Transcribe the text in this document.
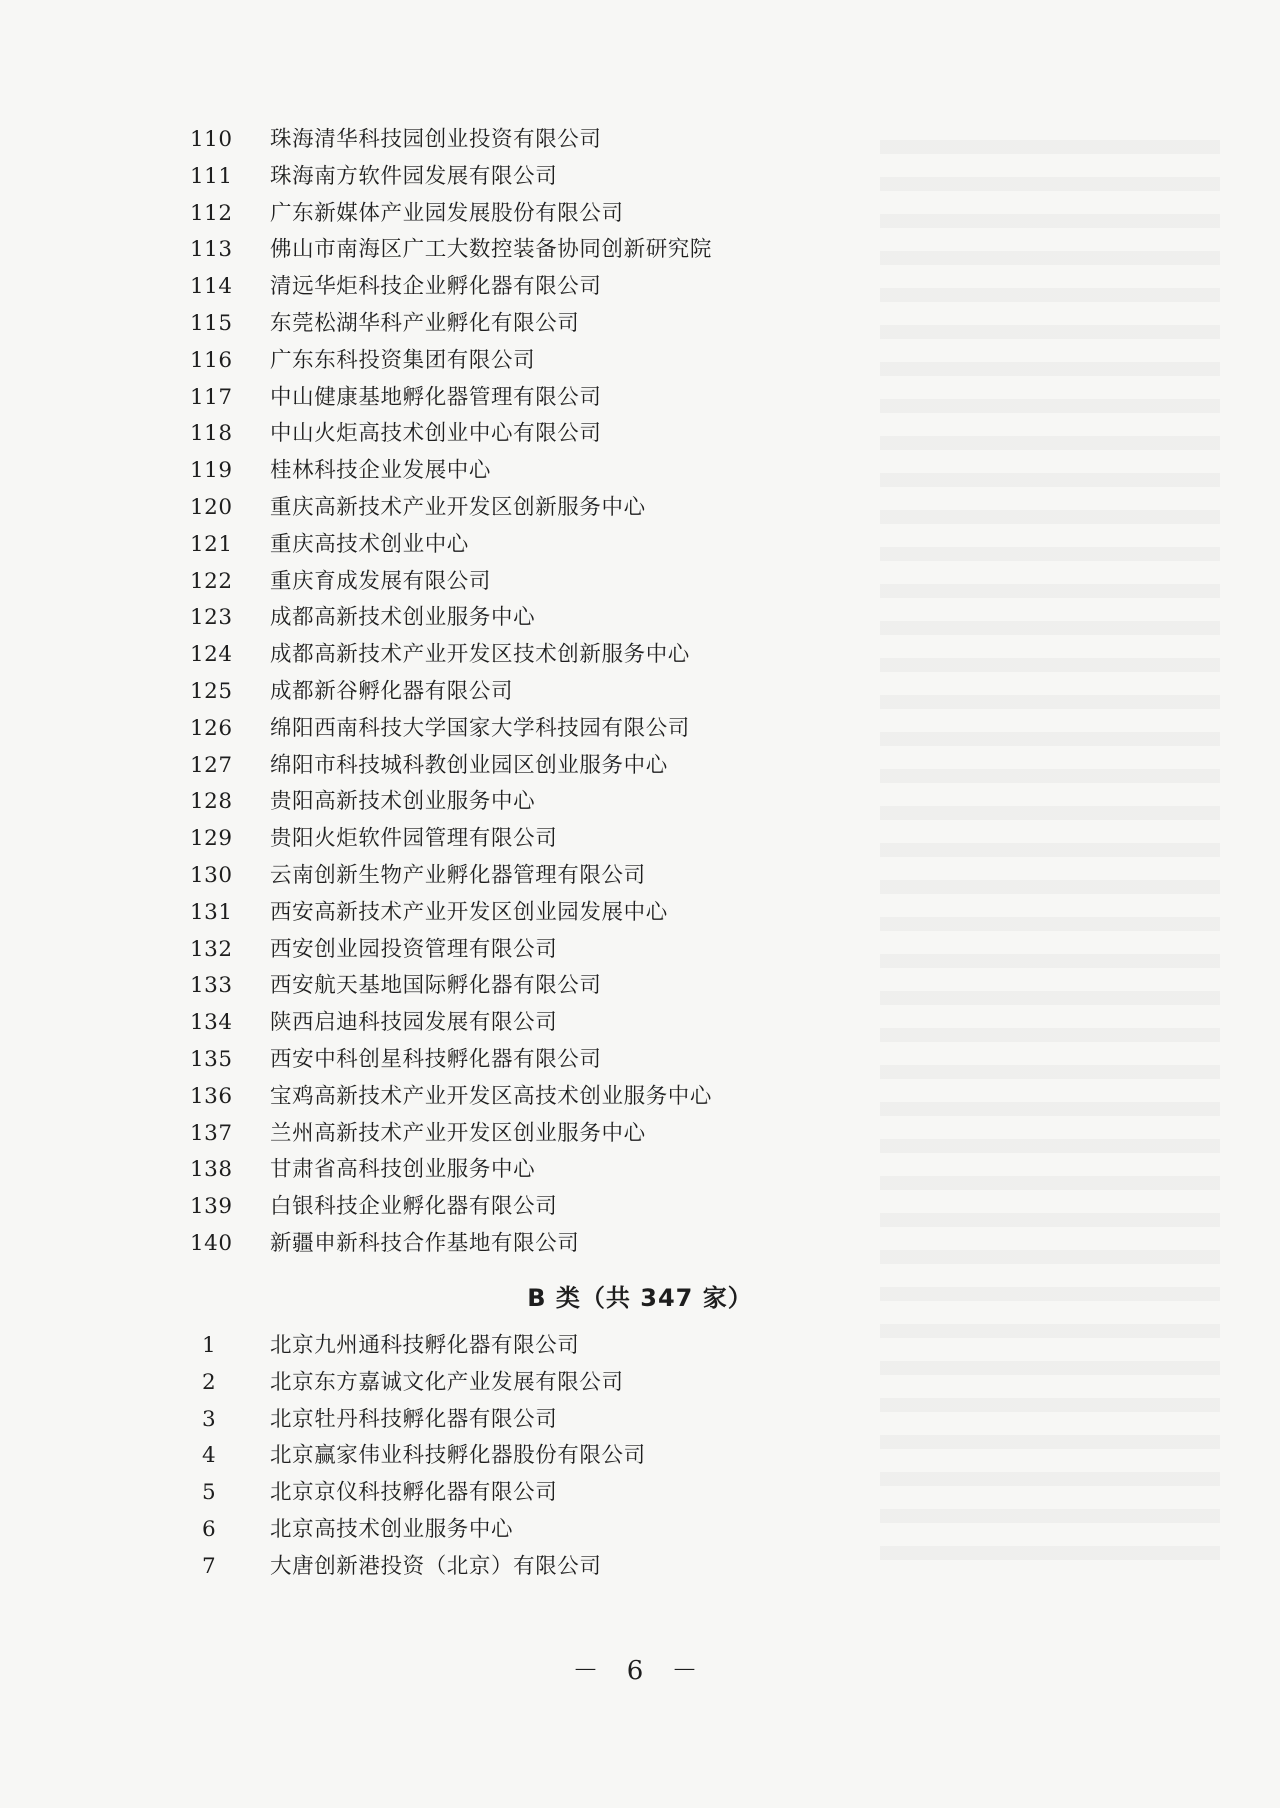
110	珠海清华科技园创业投资有限公司
111	珠海南方软件园发展有限公司
112	广东新媒体产业园发展股份有限公司
113	佛山市南海区广工大数控装备协同创新研究院
114	清远华炬科技企业孵化器有限公司
115	东莞松湖华科产业孵化有限公司
116	广东东科投资集团有限公司
117	中山健康基地孵化器管理有限公司
118	中山火炬高技术创业中心有限公司
119	桂林科技企业发展中心
120	重庆高新技术产业开发区创新服务中心
121	重庆高技术创业中心
122	重庆育成发展有限公司
123	成都高新技术创业服务中心
124	成都高新技术产业开发区技术创新服务中心
125	成都新谷孵化器有限公司
126	绵阳西南科技大学国家大学科技园有限公司
127	绵阳市科技城科教创业园区创业服务中心
128	贵阳高新技术创业服务中心
129	贵阳火炬软件园管理有限公司
130	云南创新生物产业孵化器管理有限公司
131	西安高新技术产业开发区创业园发展中心
132	西安创业园投资管理有限公司
133	西安航天基地国际孵化器有限公司
134	陕西启迪科技园发展有限公司
135	西安中科创星科技孵化器有限公司
136	宝鸡高新技术产业开发区高技术创业服务中心
137	兰州高新技术产业开发区创业服务中心
138	甘肃省高科技创业服务中心
139	白银科技企业孵化器有限公司
140	新疆申新科技合作基地有限公司
B 类（共 347 家）
1	北京九州通科技孵化器有限公司
2	北京东方嘉诚文化产业发展有限公司
3	北京牡丹科技孵化器有限公司
4	北京赢家伟业科技孵化器股份有限公司
5	北京京仪科技孵化器有限公司
6	北京高技术创业服务中心
7	大唐创新港投资（北京）有限公司
－ 6 －
